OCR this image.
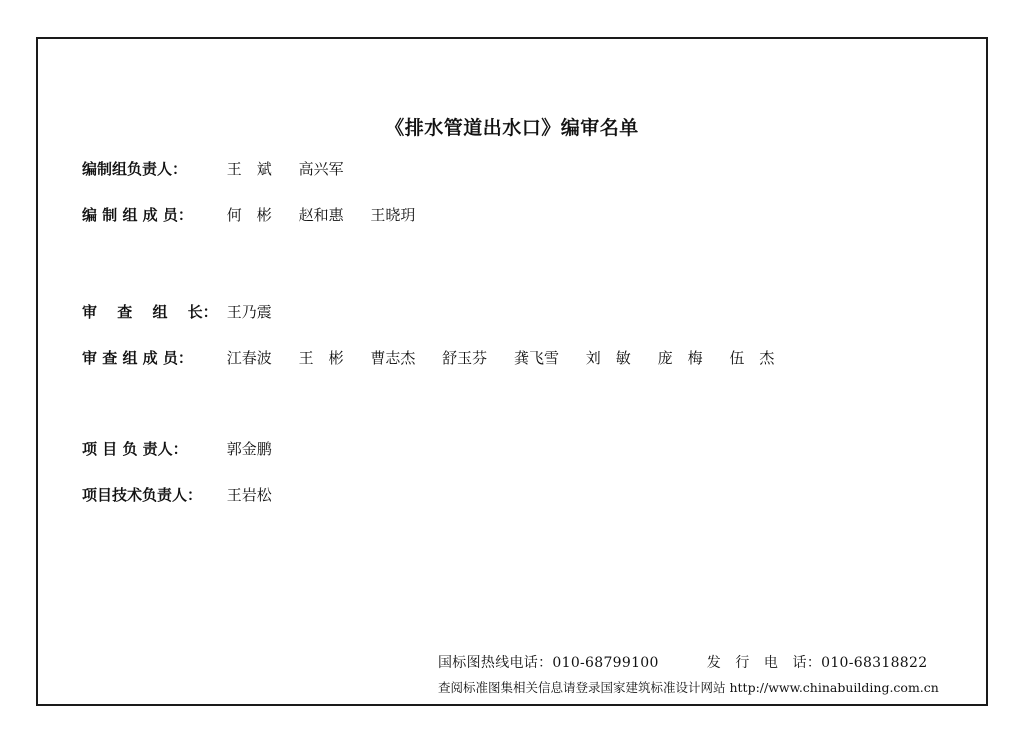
《排水管道出水口》编审名单
编制组负责人：	王　斌 高兴军
编 制 组 成 员： 何　彬 赵和惠 王晓玥
审　 查　 组　 长： 王乃震
审 查 组 成 员： 江春波 王　彬 曹志杰 舒玉芬 龚飞雪 刘　敏 庞　梅 伍　杰
项 目 负 责人：	郭金鹏
项目技术负责人： 王岩松
国标图热线电话：010-68799100	发　行　电　话：010-68318822
查阅标准图集相关信息请登录国家建筑标准设计网站 http://www.chinabuilding.com.cn
